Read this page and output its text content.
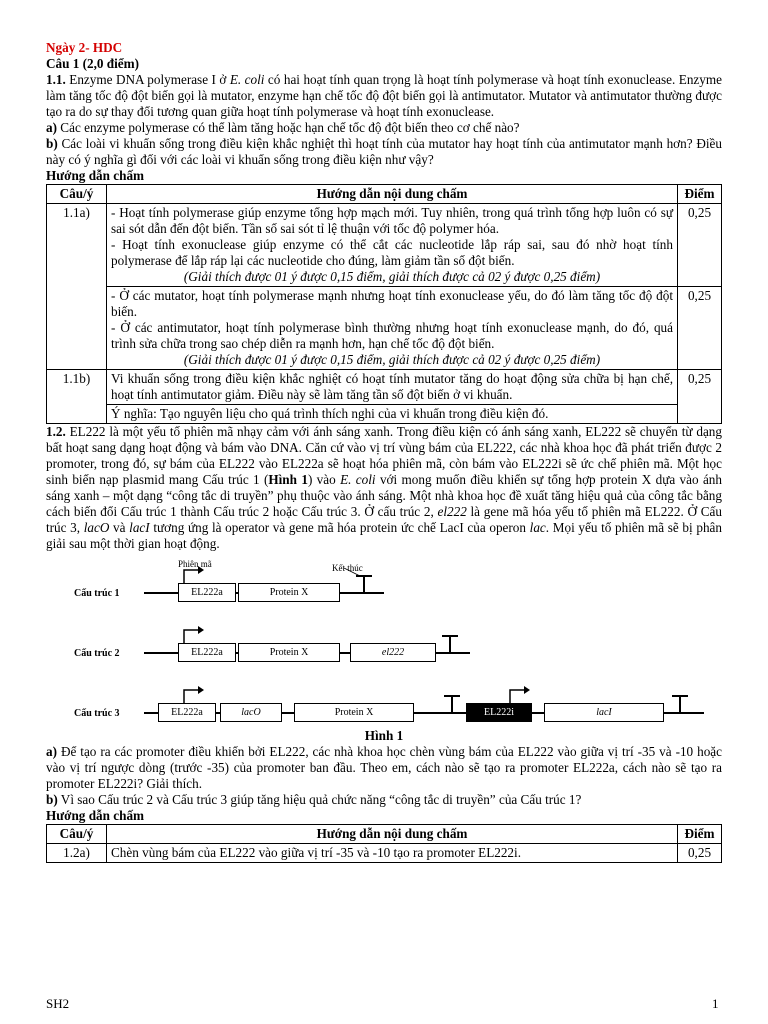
Ngày 2- HDC
Câu 1 (2,0 điểm)

1.1. Enzyme DNA polymerase I ở E. coli có hai hoạt tính quan trọng là hoạt tính polymerase và hoạt tính exonuclease. Enzyme làm tăng tốc độ đột biến gọi là mutator, enzyme hạn chế tốc độ đột biến gọi là antimutator. Mutator và antimutator thường được tạo ra do sự thay đổi tương quan giữa hoạt tính polymerase và hoạt tính exonuclease.

a) Các enzyme polymerase có thể làm tăng hoặc hạn chế tốc độ đột biến theo cơ chế nào?

b) Các loài vi khuẩn sống trong điều kiện khắc nghiệt thì hoạt tính của mutator hay hoạt tính của antimutator mạnh hơn? Điều này có ý nghĩa gì đối với các loài vi khuẩn sống trong điều kiện như vậy?

Hướng dẫn chấm
Câu/ý	Hướng dẫn nội dung chấm	Điểm
1.1a)	- Hoạt tính polymerase giúp enzyme tổng hợp mạch mới. Tuy nhiên, trong quá trình tổng hợp luôn có sự sai sót dẫn đến đột biến. Tần số sai sót tỉ lệ thuận với tốc độ polymer hóa.

- Hoạt tính exonuclease giúp enzyme có thể cắt các nucleotide lắp ráp sai, sau đó nhờ hoạt tính polymerase để lắp ráp lại các nucleotide cho đúng, làm giảm tần số đột biến.

(Giải thích được 01 ý được 0,15 điểm, giải thích được cả 02 ý được 0,25 điểm)	0,25

	- Ở các mutator, hoạt tính polymerase mạnh nhưng hoạt tính exonuclease yếu, do đó làm tăng tốc độ đột biến.

- Ở các antimutator, hoạt tính polymerase bình thường nhưng hoạt tính exonuclease mạnh, do đó, quá trình sửa chữa trong sao chép diễn ra mạnh hơn, hạn chế tốc độ đột biến.

(Giải thích được 01 ý được 0,15 điểm, giải thích được cả 02 ý được 0,25 điểm)	0,25
1.1b)	Vi khuẩn sống trong điều kiện khắc nghiệt có hoạt tính mutator tăng do hoạt động sửa chữa bị hạn chế, hoạt tính antimutator giảm. Điều này sẽ làm tăng tần số đột biến ở vi khuẩn.	0,25

	Ý nghĩa: Tạo nguyên liệu cho quá trình thích nghi của vi khuẩn trong điều kiện đó.	

1.2. EL222 là một yếu tố phiên mã nhạy cảm với ánh sáng xanh. Trong điều kiện có ánh sáng xanh, EL222 sẽ chuyển từ dạng bất hoạt sang dạng hoạt động và bám vào DNA. Căn cứ vào vị trí vùng bám của EL222, các nhà khoa học đã phát triển được 2 promoter, trong đó, sự bám của EL222 vào EL222a sẽ hoạt hóa phiên mã, còn bám vào EL222i sẽ ức chế phiên mã. Một học sinh biến nạp plasmid mang Cấu trúc 1 (Hình 1) vào E. coli với mong muốn điều khiển sự tổng hợp protein X dựa vào ánh sáng xanh – một dạng “công tắc di truyền” phụ thuộc vào ánh sáng. Một nhà khoa học đề xuất tăng hiệu quả của công tắc bằng cách biến đổi Cấu trúc 1 thành Cấu trúc 2 hoặc Cấu trúc 3. Ở cấu trúc 2, el222 là gene mã hóa yếu tố phiên mã EL222. Ở Cấu trúc 3, lacO và lacI tương ứng là operator và gene mã hóa protein ức chế LacI của operon lac. Mọi yếu tố phiên mã sẽ bị phân giải sau một thời gian hoạt động.

Phiên mã	Kết thúc
Cấu trúc 1	EL222a	Protein X
Cấu trúc 2	EL222a	Protein X	el222
Cấu trúc 3	EL222a	lacO	Protein X	EL222i	lacI
Hình 1

a) Để tạo ra các promoter điều khiển bởi EL222, các nhà khoa học chèn vùng bám của EL222 vào giữa vị trí -35 và -10 hoặc vào vị trí ngược dòng (trước -35) của promoter ban đầu. Theo em, cách nào sẽ tạo ra promoter EL222a, cách nào sẽ tạo ra promoter EL222i? Giải thích.

b) Vì sao Cấu trúc 2 và Cấu trúc 3 giúp tăng hiệu quả chức năng “công tắc di truyền” của Cấu trúc 1?

Hướng dẫn chấm
Câu/ý	Hướng dẫn nội dung chấm	Điểm
1.2a)	Chèn vùng bám của EL222 vào giữa vị trí -35 và -10 tạo ra promoter EL222i.	0,25
SH2	1
